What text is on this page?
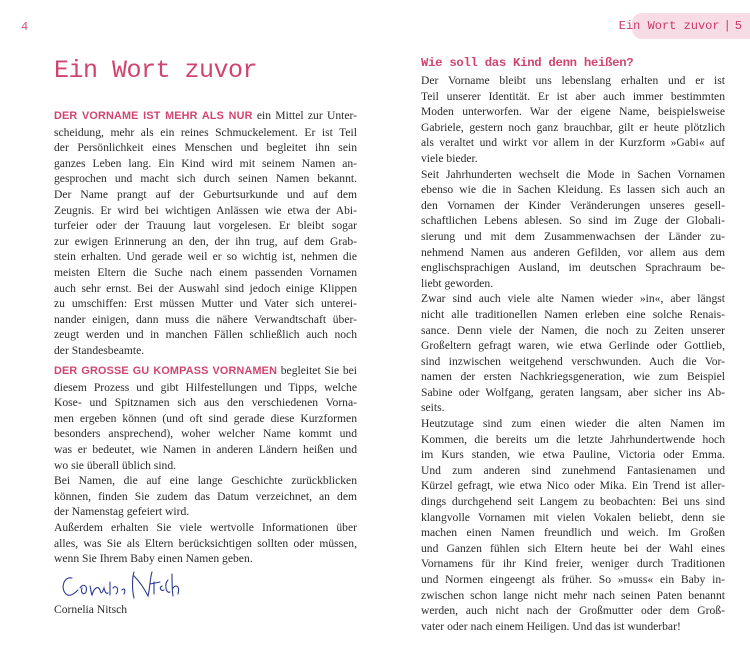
4	Ein Wort zuvor | 5
Ein Wort zuvor
DER VORNAME IST MEHR ALS NUR ein Mittel zur Unter-
scheidung, mehr als ein reines Schmuckelement. Er ist Teil
der Persönlichkeit eines Menschen und begleitet ihn sein
ganzes Leben lang. Ein Kind wird mit seinem Namen an-
gesprochen und macht sich durch seinen Namen bekannt.
Der Name prangt auf der Geburtsurkunde und auf dem
Zeugnis. Er wird bei wichtigen Anlässen wie etwa der Abi-
turfeier oder der Trauung laut vorgelesen. Er bleibt sogar
zur ewigen Erinnerung an den, der ihn trug, auf dem Grab-
stein erhalten. Und gerade weil er so wichtig ist, nehmen die
meisten Eltern die Suche nach einem passenden Vornamen
auch sehr ernst. Bei der Auswahl sind jedoch einige Klippen
zu umschiffen: Erst müssen Mutter und Vater sich unterei-
nander einigen, dann muss die nähere Verwandtschaft über-
zeugt werden und in manchen Fällen schließlich auch noch
der Standesbeamte.
DER GROSSE GU KOMPASS VORNAMEN begleitet Sie bei
diesem Prozess und gibt Hilfestellungen und Tipps, welche
Kose- und Spitznamen sich aus den verschiedenen Vorna-
men ergeben können (und oft sind gerade diese Kurzformen
besonders ansprechend), woher welcher Name kommt und
was er bedeutet, wie Namen in anderen Ländern heißen und
wo sie überall üblich sind.
Bei Namen, die auf eine lange Geschichte zurückblicken
können, finden Sie zudem das Datum verzeichnet, an dem
der Namenstag gefeiert wird.
Außerdem erhalten Sie viele wertvolle Informationen über
alles, was Sie als Eltern berücksichtigen sollten oder müssen,
wenn Sie Ihrem Baby einen Namen geben.

Cornelia Nitsch

Wie soll das Kind denn heißen?
Der Vorname bleibt uns lebenslang erhalten und er ist
Teil unserer Identität. Er ist aber auch immer bestimmten
Moden unterworfen. War der eigene Name, beispielsweise
Gabriele, gestern noch ganz brauchbar, gilt er heute plötzlich
als veraltet und wirkt vor allem in der Kurzform »Gabi« auf
viele bieder.
Seit Jahrhunderten wechselt die Mode in Sachen Vornamen
ebenso wie die in Sachen Kleidung. Es lassen sich auch an
den Vornamen der Kinder Veränderungen unseres gesell-
schaftlichen Lebens ablesen. So sind im Zuge der Globali-
sierung und mit dem Zusammenwachsen der Länder zu-
nehmend Namen aus anderen Gefilden, vor allem aus dem
englischsprachigen Ausland, im deutschen Sprachraum be-
liebt geworden.
Zwar sind auch viele alte Namen wieder »in«, aber längst
nicht alle traditionellen Namen erleben eine solche Renais-
sance. Denn viele der Namen, die noch zu Zeiten unserer
Großeltern gefragt waren, wie etwa Gerlinde oder Gottlieb,
sind inzwischen weitgehend verschwunden. Auch die Vor-
namen der ersten Nachkriegsgeneration, wie zum Beispiel
Sabine oder Wolfgang, geraten langsam, aber sicher ins Ab-
seits.
Heutzutage sind zum einen wieder die alten Namen im
Kommen, die bereits um die letzte Jahrhundertwende hoch
im Kurs standen, wie etwa Pauline, Victoria oder Emma.
Und zum anderen sind zunehmend Fantasienamen und
Kürzel gefragt, wie etwa Nico oder Mika. Ein Trend ist aller-
dings durchgehend seit Langem zu beobachten: Bei uns sind
klangvolle Vornamen mit vielen Vokalen beliebt, denn sie
machen einen Namen freundlich und weich. Im Großen
und Ganzen fühlen sich Eltern heute bei der Wahl eines
Vornamens für ihr Kind freier, weniger durch Traditionen
und Normen eingeengt als früher. So »muss« ein Baby in-
zwischen schon lange nicht mehr nach seinen Paten benannt
werden, auch nicht nach der Großmutter oder dem Groß-
vater oder nach einem Heiligen. Und das ist wunderbar!
